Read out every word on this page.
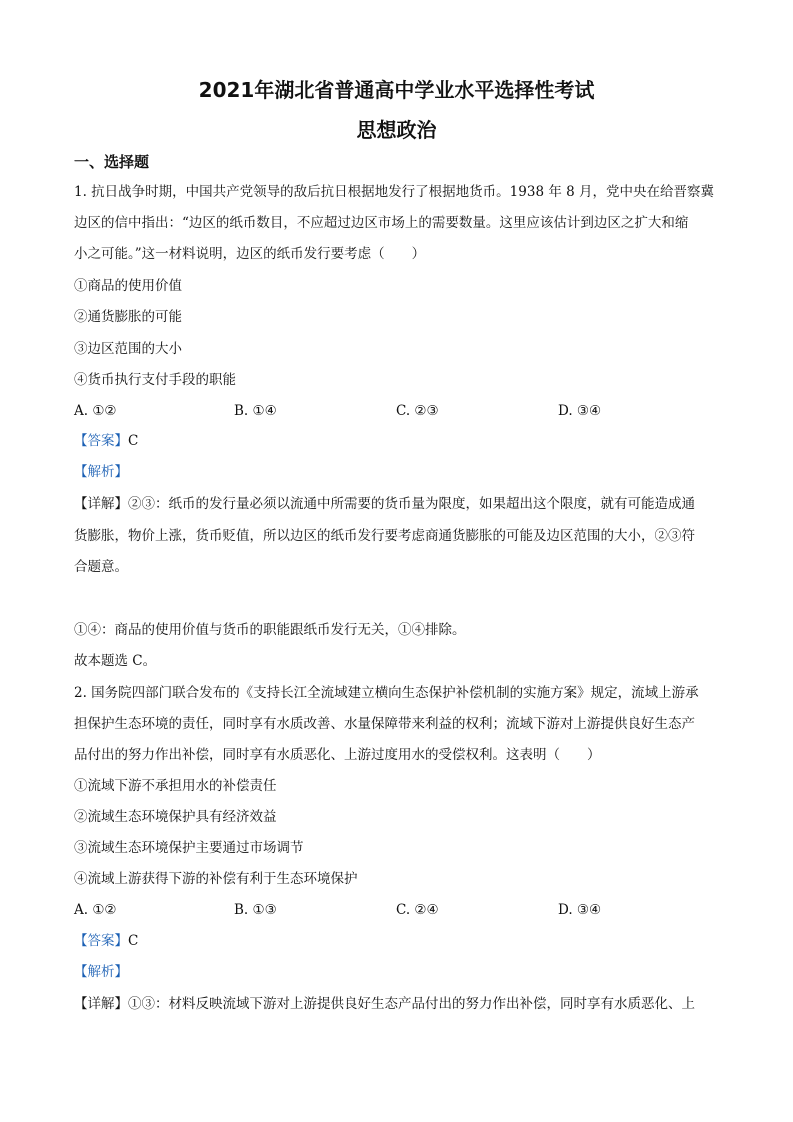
2021年湖北省普通高中学业水平选择性考试
思想政治
一、选择题
1. 抗日战争时期，中国共产党领导的敌后抗日根据地发行了根据地货币。1938 年 8 月，党中央在给晋察冀
边区的信中指出：“边区的纸币数目，不应超过边区市场上的需要数量。这里应该估计到边区之扩大和缩
小之可能。”这一材料说明，边区的纸币发行要考虑（　　）
①商品的使用价值
②通货膨胀的可能
③边区范围的大小
④货币执行支付手段的职能
A. ①②	B. ①④	C. ②③	D. ③④
【答案】C
【解析】
【详解】②③：纸币的发行量必须以流通中所需要的货币量为限度，如果超出这个限度，就有可能造成通
货膨胀，物价上涨，货币贬值，所以边区的纸币发行要考虑商通货膨胀的可能及边区范围的大小，②③符
合题意。
①④：商品的使用价值与货币的职能跟纸币发行无关，①④排除。
故本题选 C。
2. 国务院四部门联合发布的《支持长江全流域建立横向生态保护补偿机制的实施方案》规定，流域上游承
担保护生态环境的责任，同时享有水质改善、水量保障带来利益的权利；流域下游对上游提供良好生态产
品付出的努力作出补偿，同时享有水质恶化、上游过度用水的受偿权利。这表明（　　）
①流域下游不承担用水的补偿责任
②流域生态环境保护具有经济效益
③流域生态环境保护主要通过市场调节
④流域上游获得下游的补偿有利于生态环境保护
A. ①②	B. ①③	C. ②④	D. ③④
【答案】C
【解析】
【详解】①③：材料反映流域下游对上游提供良好生态产品付出的努力作出补偿，同时享有水质恶化、上
